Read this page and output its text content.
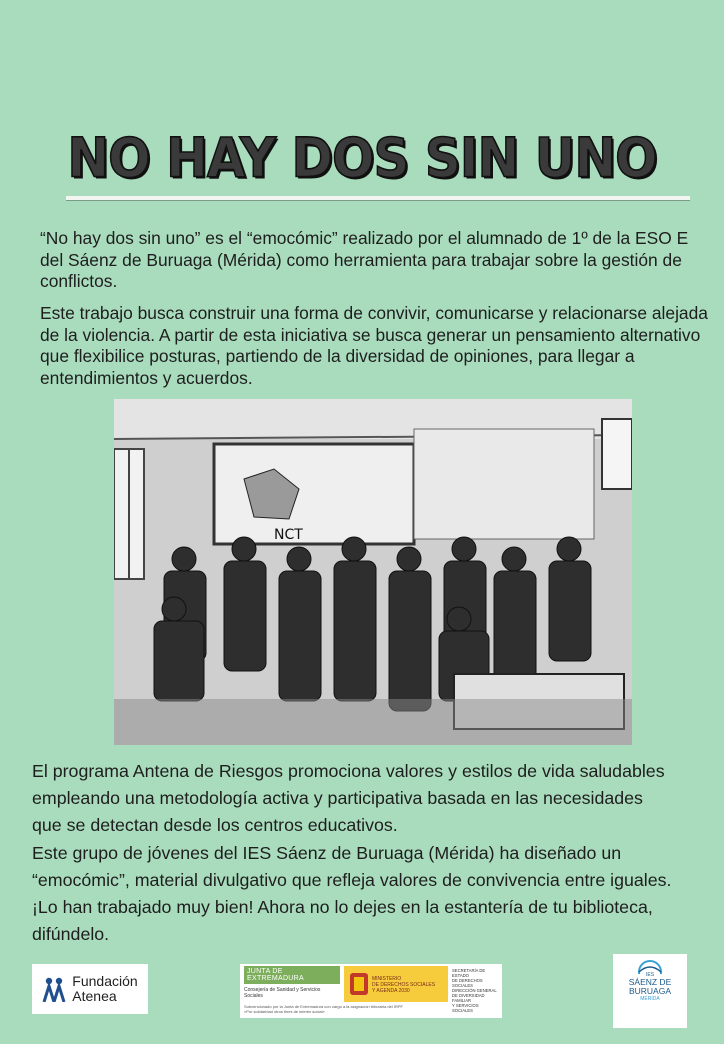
NO HAY DOS SIN UNO

“No hay dos sin uno” es el “emocómic” realizado por el alumnado de 1º de la ESO E del Sáenz de Buruaga (Mérida) como herramienta para trabajar sobre la gestión de conflictos.

Este trabajo busca construir una forma de convivir, comunicarse y relacionarse alejada de la violencia. A partir de esta iniciativa se busca generar un pensamiento alternativo que flexibilice posturas, partiendo de la diversidad de opiniones, para llegar a entendimientos y acuerdos.

NCT
El programa Antena de Riesgos promociona valores y estilos de vida saludables
empleando una metodología activa y participativa basada en las necesidades
que se detectan desde los centros educativos.
Este grupo de jóvenes del IES Sáenz de Buruaga (Mérida) ha diseñado un
“emocómic”, material divulgativo que refleja valores de convivencia entre iguales.
¡Lo han trabajado muy bien! Ahora no lo dejes en la estantería de tu biblioteca,
difúndelo.
Fundación
Atenea
JUNTA DE EXTREMADURA
Consejería de Sanidad y Servicios Sociales
MINISTERIO
DE DERECHOS SOCIALES
Y AGENDA 2030
SECRETARÍA DE ESTADO
DE DERECHOS SOCIALES
DIRECCIÓN GENERAL
DE DIVERSIDAD FAMILIAR
Y SERVICIOS SOCIALES
Subvencionado por la Junta de Extremadura con cargo a la asignación tributaria del IRPF
«Por solidaridad otros fines de interés social»
IES
SÁENZ DE BURUAGA
MÉRIDA
